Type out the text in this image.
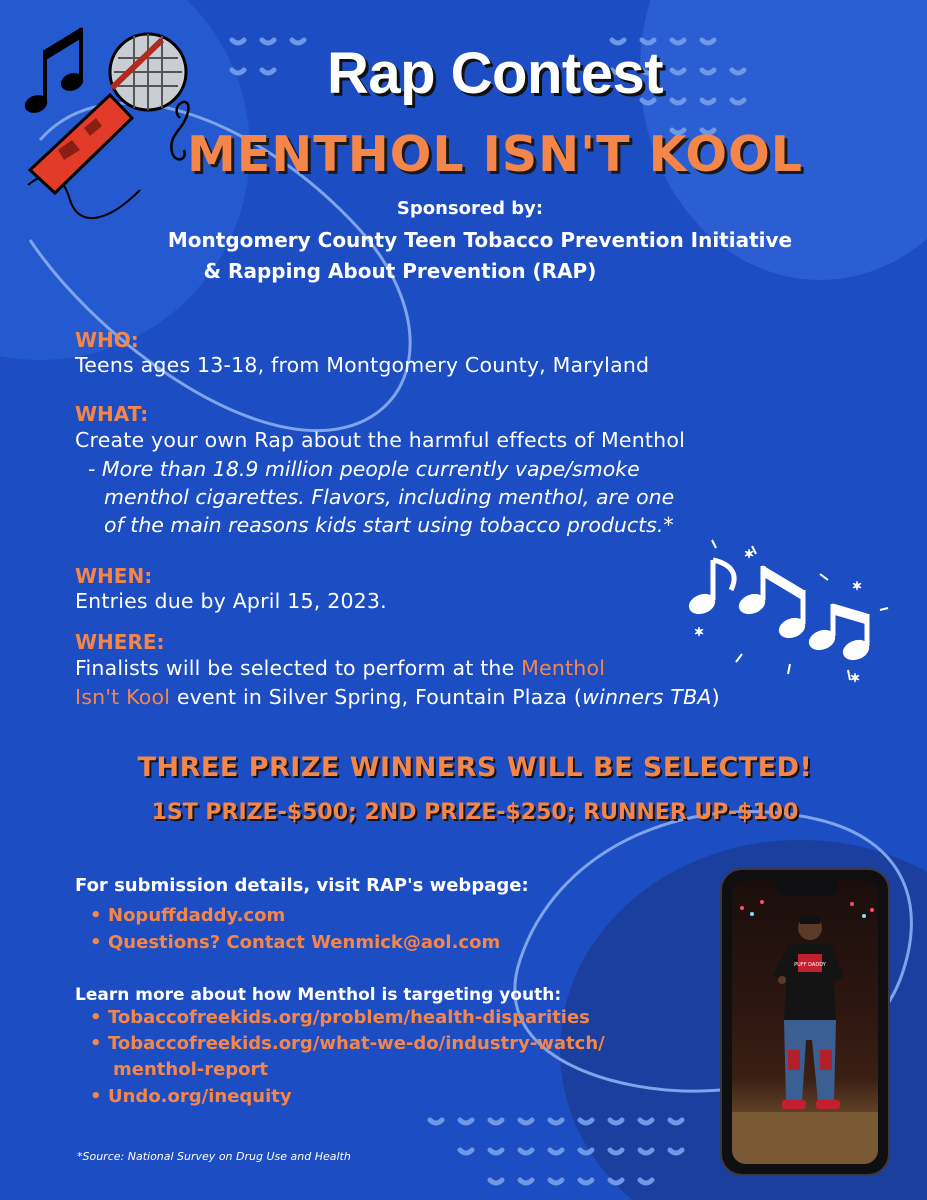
✶
✶
✶
✶
Rap Contest
MENTHOL ISN'T KOOL
Sponsored by:
Montgomery County Teen Tobacco Prevention Initiative
& Rapping About Prevention (RAP)
WHO:
Teens ages 13-18, from Montgomery County, Maryland
WHAT:
Create your own Rap about the harmful effects of Menthol
- More than 18.9 million people currently vape/smoke
menthol cigarettes. Flavors, including menthol, are one
of the main reasons kids start using tobacco products.*
WHEN:
Entries due by April 15, 2023.
WHERE:
Finalists will be selected to perform at the Menthol
Isn't Kool event in Silver Spring, Fountain Plaza (winners TBA)
THREE PRIZE WINNERS WILL BE SELECTED!
1ST PRIZE-$500; 2ND PRIZE-$250; RUNNER UP-$100
For submission details, visit RAP's webpage:
• Nopuffdaddy.com
• Questions? Contact Wenmick@aol.com
Learn more about how Menthol is targeting youth:
• Tobaccofreekids.org/problem/health-disparities
• Tobaccofreekids.org/what-we-do/industry-watch/
menthol-report
• Undo.org/inequity
*Source: National Survey on Drug Use and Health
PUFF DADDY
